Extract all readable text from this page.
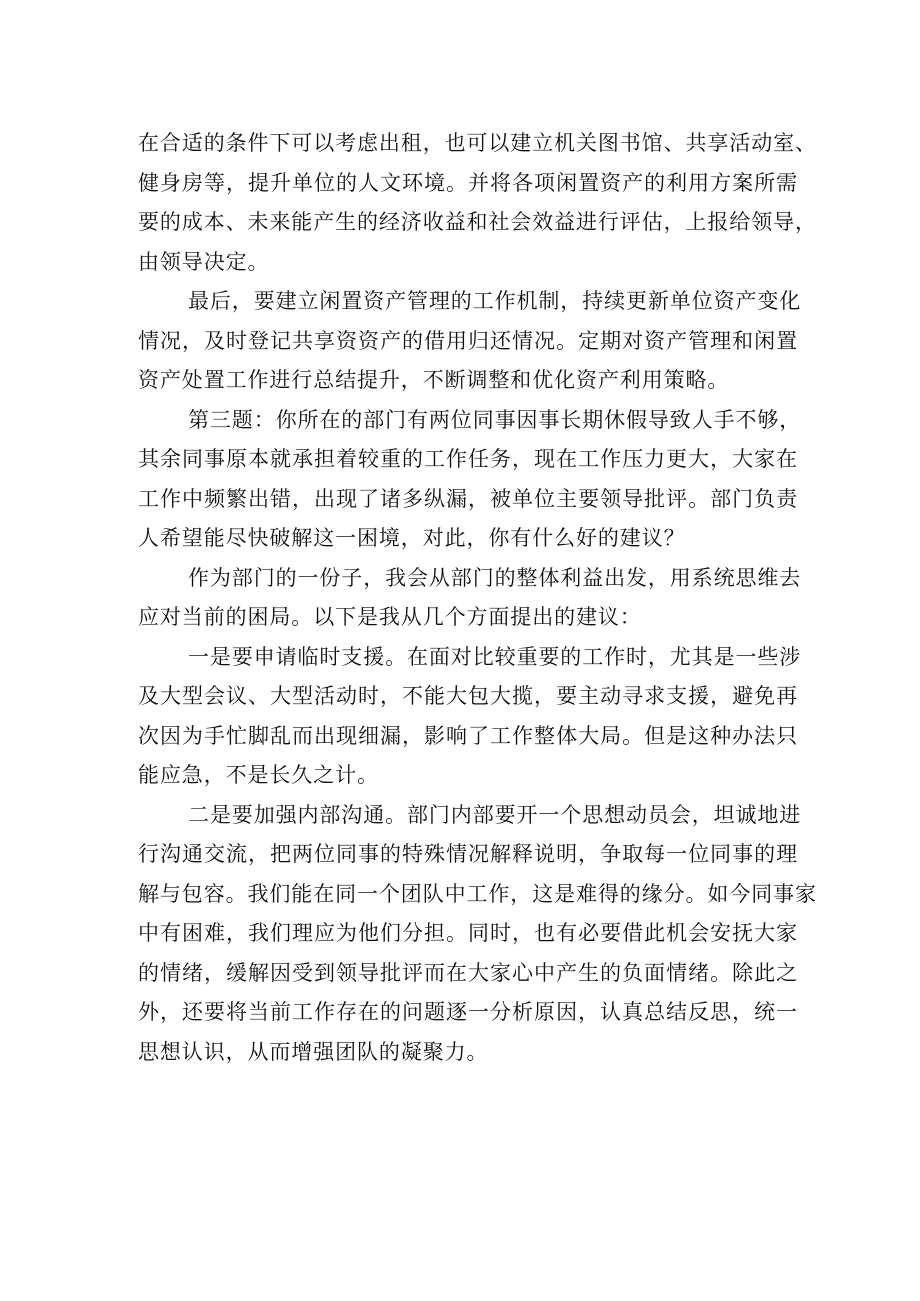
在合适的条件下可以考虑出租，也可以建立机关图书馆、共享活动室、
健身房等，提升单位的人文环境。并将各项闲置资产的利用方案所需
要的成本、未来能产生的经济收益和社会效益进行评估，上报给领导，
由领导决定。
最后，要建立闲置资产管理的工作机制，持续更新单位资产变化
情况，及时登记共享资资产的借用归还情况。定期对资产管理和闲置
资产处置工作进行总结提升，不断调整和优化资产利用策略。
第三题：你所在的部门有两位同事因事长期休假导致人手不够，
其余同事原本就承担着较重的工作任务，现在工作压力更大，大家在
工作中频繁出错，出现了诸多纵漏，被单位主要领导批评。部门负责
人希望能尽快破解这一困境，对此，你有什么好的建议？
作为部门的一份子，我会从部门的整体利益出发，用系统思维去
应对当前的困局。以下是我从几个方面提出的建议：
一是要申请临时支援。在面对比较重要的工作时，尤其是一些涉
及大型会议、大型活动时，不能大包大揽，要主动寻求支援，避免再
次因为手忙脚乱而出现细漏，影响了工作整体大局。但是这种办法只
能应急，不是长久之计。
二是要加强内部沟通。部门内部要开一个思想动员会，坦诚地进
行沟通交流，把两位同事的特殊情况解释说明，争取每一位同事的理
解与包容。我们能在同一个团队中工作，这是难得的缘分。如今同事家
中有困难，我们理应为他们分担。同时，也有必要借此机会安抚大家
的情绪，缓解因受到领导批评而在大家心中产生的负面情绪。除此之
外，还要将当前工作存在的问题逐一分析原因，认真总结反思，统一
思想认识，从而增强团队的凝聚力。
